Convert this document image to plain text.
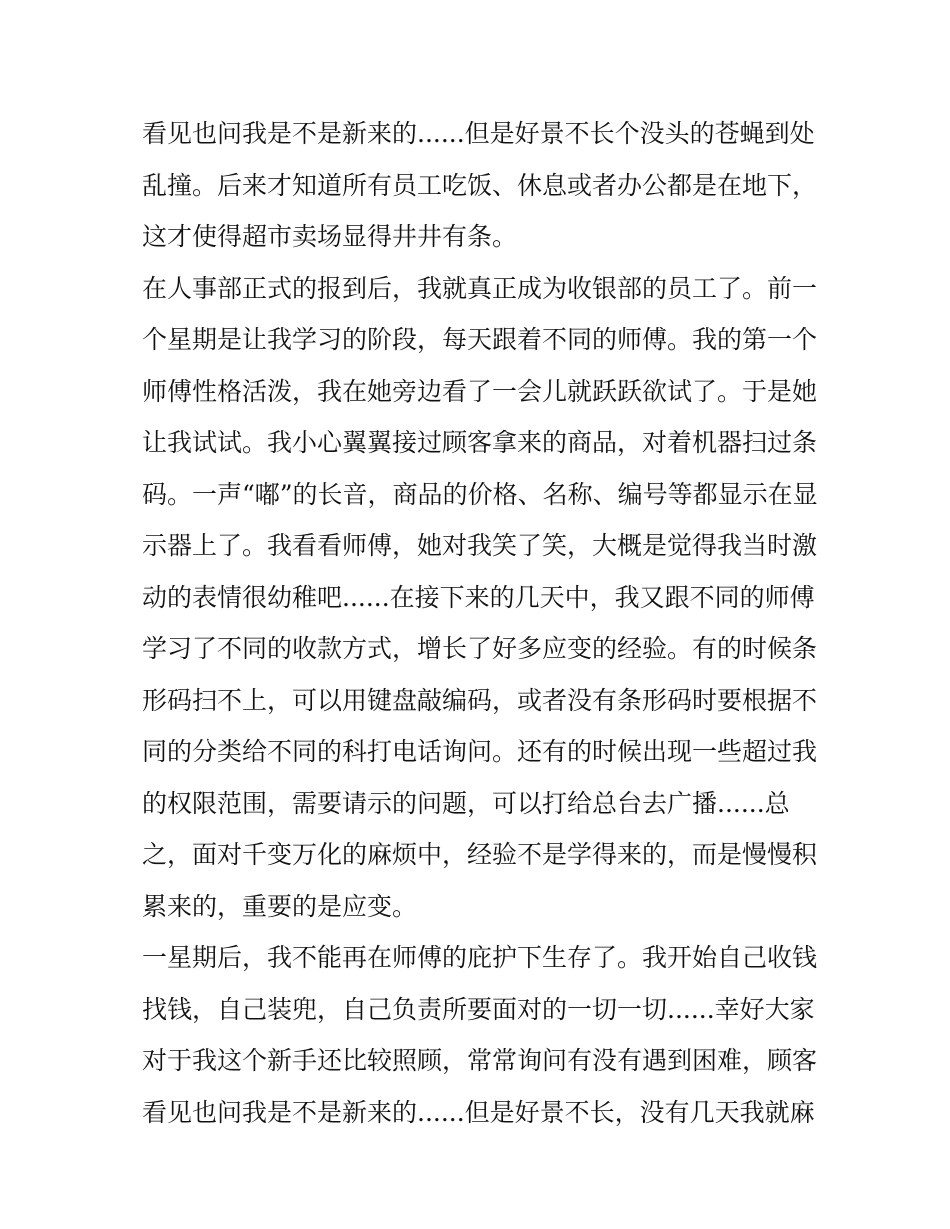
看见也问我是不是新来的......但是好景不长个没头的苍蝇到处
乱撞。后来才知道所有员工吃饭、休息或者办公都是在地下，
这才使得超市卖场显得井井有条。
在人事部正式的报到后，我就真正成为收银部的员工了。前一
个星期是让我学习的阶段，每天跟着不同的师傅。我的第一个
师傅性格活泼，我在她旁边看了一会儿就跃跃欲试了。于是她
让我试试。我小心翼翼接过顾客拿来的商品，对着机器扫过条
码。一声“嘟”的长音，商品的价格、名称、编号等都显示在显
示器上了。我看看师傅，她对我笑了笑，大概是觉得我当时激
动的表情很幼稚吧......在接下来的几天中，我又跟不同的师傅
学习了不同的收款方式，增长了好多应变的经验。有的时候条
形码扫不上，可以用键盘敲编码，或者没有条形码时要根据不
同的分类给不同的科打电话询问。还有的时候出现一些超过我
的权限范围，需要请示的问题，可以打给总台去广播......总
之，面对千变万化的麻烦中，经验不是学得来的，而是慢慢积
累来的，重要的是应变。
一星期后，我不能再在师傅的庇护下生存了。我开始自己收钱
找钱，自己装兜，自己负责所要面对的一切一切......幸好大家
对于我这个新手还比较照顾，常常询问有没有遇到困难，顾客
看见也问我是不是新来的......但是好景不长，没有几天我就麻
